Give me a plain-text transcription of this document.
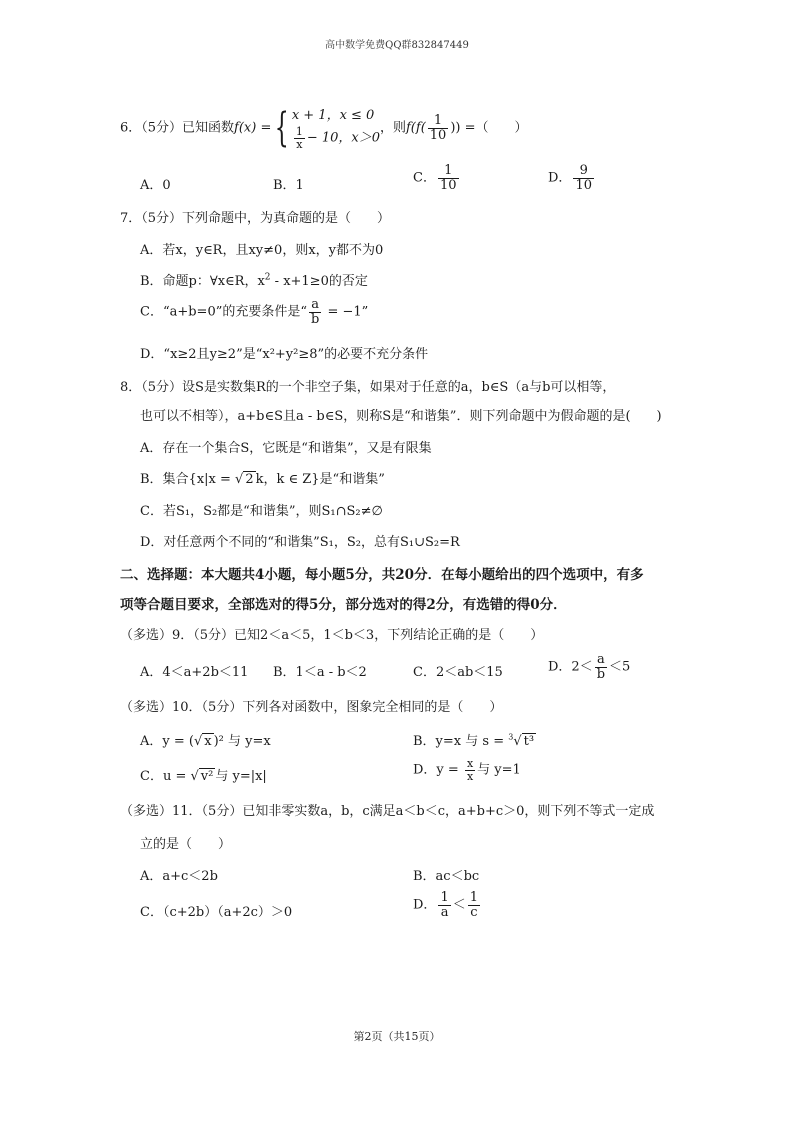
高中数学免费QQ群832847449
6．（5分）已知函数f(x) ={ x + 1，x ≤ 0
$\frac{1}{x} - 10$，x＞0
，则$f(f( \frac{1}{10}$ )) =（　　）
A．0	B．1	C． $\frac{1}{10}$	D． $\frac{9}{10}$
7．（5分）下列命题中，为真命题的是（　　）
A．若x，y∈R，且xy≠0，则x，y都不为0
B．命题p：∀x∈R，$x^2 - x+1\ge 0$的否定
C．“a+b=0”的充要条件是“ $\frac{a}{b} = -1$”
D．“x≥2且y≥2”是“x²+y²≥8”的必要不充分条件
8．（5分）设S是实数集R的一个非空子集，如果对于任意的a，b∈S（a与b可以相等，
也可以不相等），a+b∈S且a - b∈S，则称S是“和谐集”．则下列命题中为假命题的是(　　)
A．存在一个集合S，它既是“和谐集”，又是有限集
B．集合{x|x = √ 2 k，k ∈ Z}是“和谐集”
C．若S₁，S₂都是“和谐集”，则S₁∩S₂≠∅
D．对任意两个不同的“和谐集”S₁，S₂，总有S₁∪S₂=R
二、选择题：本大题共4小题，每小题5分，共20分．在每小题给出的四个选项中，有多
项等合题目要求，全部选对的得5分，部分选对的得2分，有选错的得0分．
（多选）9．（5分）已知2＜a＜5，1＜b＜3，下列结论正确的是（　　）
A．4＜a+2b＜11 B．1＜a - b＜2	C．2＜ab＜15	D．$2< \frac{a}{b} <5$
（多选）10．（5分）下列各对函数中，图象完全相同的是（　　）
A．y = (√ x )² 与 y=x	B．y=x 与 s = $^3$√ t³
C．u = √ v² 与 y=|x|	D．$y = \frac{x}{x}$ 与 y=1
（多选）11．（5分）已知非零实数a，b，c满足a＜b＜c，a+b+c＞0，则下列不等式一定成
立的是（　　）
A．a+c＜2b	B．ac＜bc
C．（c+2b）（a+2c）＞0	D． $\frac{1}{a} < \frac{1}{c}$
第2页（共15页）
